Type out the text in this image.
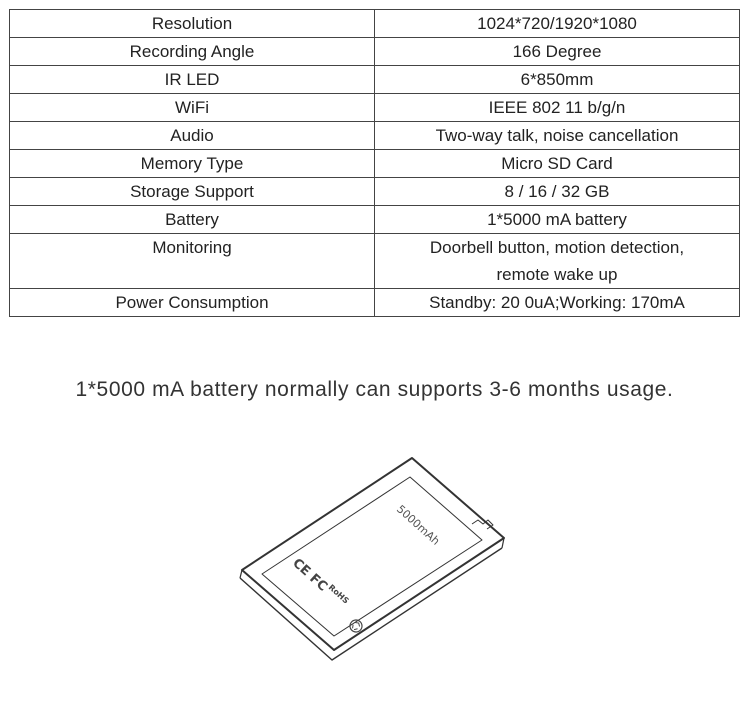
Resolution	1024*720/1920*1080
Recording Angle	166 Degree
IR LED	6*850mm
WiFi	IEEE 802 11 b/g/n
Audio	Two-way talk, noise cancellation
Memory Type	Micro SD Card
Storage Support	8 / 16 / 32 GB
Battery	1*5000 mA battery
Monitoring	Doorbell button, motion detection,
remote wake up

Power Consumption	Standby: 20 0uA;Working: 170mA
1*5000 mA battery normally can supports 3-6 months usage.
5000mAh
CE FC
RoHS
